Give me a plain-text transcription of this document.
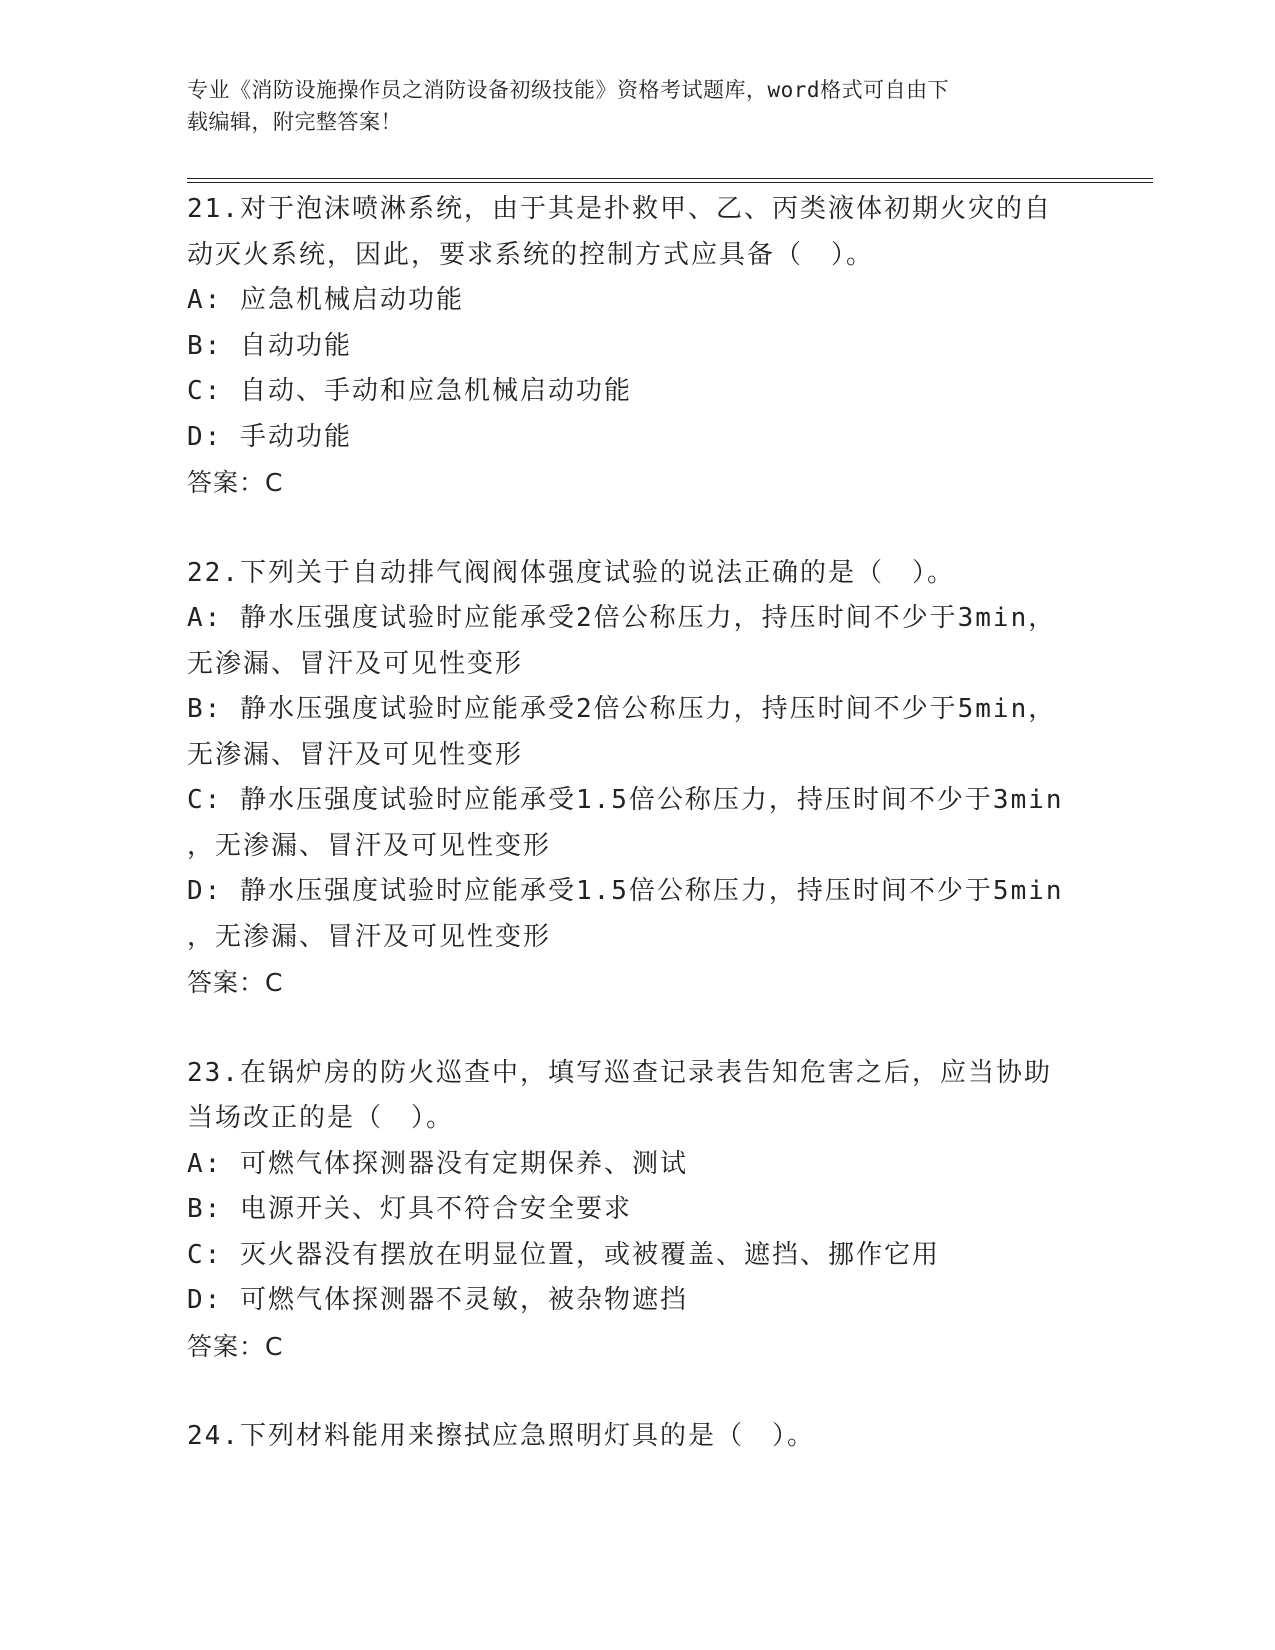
专业《消防设施操作员之消防设备初级技能》资格考试题库，word格式可自由下
载编辑，附完整答案！
21.对于泡沫喷淋系统，由于其是扑救甲、乙、丙类液体初期火灾的自
动灭火系统，因此，要求系统的控制方式应具备（　）。
A: 应急机械启动功能
B: 自动功能
C: 自动、手动和应急机械启动功能
D: 手动功能
答案：C
22.下列关于自动排气阀阀体强度试验的说法正确的是（　）。
A: 静水压强度试验时应能承受2倍公称压力，持压时间不少于3min，
无渗漏、冒汗及可见性变形
B: 静水压强度试验时应能承受2倍公称压力，持压时间不少于5min，
无渗漏、冒汗及可见性变形
C: 静水压强度试验时应能承受1.5倍公称压力，持压时间不少于3min
，无渗漏、冒汗及可见性变形
D: 静水压强度试验时应能承受1.5倍公称压力，持压时间不少于5min
，无渗漏、冒汗及可见性变形
答案：C
23.在锅炉房的防火巡查中，填写巡查记录表告知危害之后，应当协助
当场改正的是（　）。
A: 可燃气体探测器没有定期保养、测试
B: 电源开关、灯具不符合安全要求
C: 灭火器没有摆放在明显位置，或被覆盖、遮挡、挪作它用
D: 可燃气体探测器不灵敏，被杂物遮挡
答案：C
24.下列材料能用来擦拭应急照明灯具的是（　）。
